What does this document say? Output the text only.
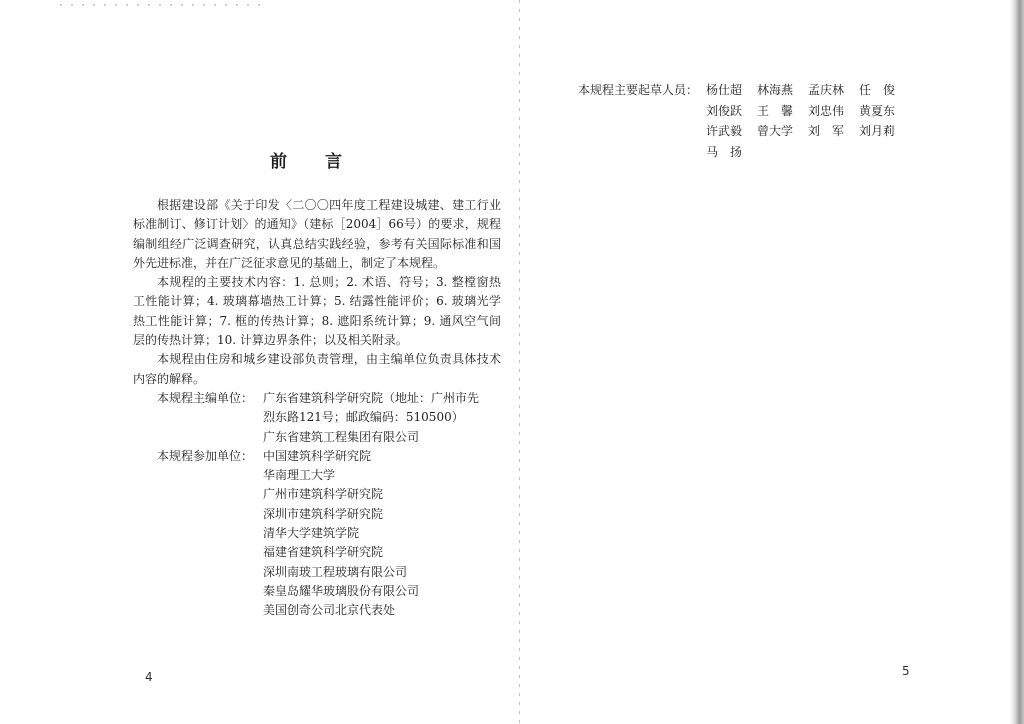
前言

根据建设部《关于印发〈二〇〇四年度工程建设城建、建工行业标准制订、修订计划〉的通知》（建标［2004］66号）的要求，规程编制组经广泛调查研究，认真总结实践经验，参考有关国际标准和国外先进标准，并在广泛征求意见的基础上，制定了本规程。

本规程的主要技术内容：1. 总则；2. 术语、符号；3. 整樘窗热工性能计算；4. 玻璃幕墙热工计算；5. 结露性能评价；6. 玻璃光学热工性能计算；7. 框的传热计算；8. 遮阳系统计算；9. 通风空气间层的传热计算；10. 计算边界条件；以及相关附录。

本规程由住房和城乡建设部负责管理，由主编单位负责具体技术内容的解释。

本规程主编单位： 广东省建筑科学研究院（地址：广州市先
烈东路121号；邮政编码：510500）
广东省建筑工程集团有限公司
本规程参加单位： 中国建筑科学研究院
华南理工大学
广州市建筑科学研究院
深圳市建筑科学研究院
清华大学建筑学院
福建省建筑科学研究院
深圳南玻工程玻璃有限公司
秦皇岛耀华玻璃股份有限公司
美国创奇公司北京代表处
4
本规程主要起草人员： 杨仕超	林海燕	孟庆林	任　俊
刘俊跃	王　馨	刘忠伟	黄夏东
许武毅	曾大学	刘　军	刘月莉
马　扬
5
